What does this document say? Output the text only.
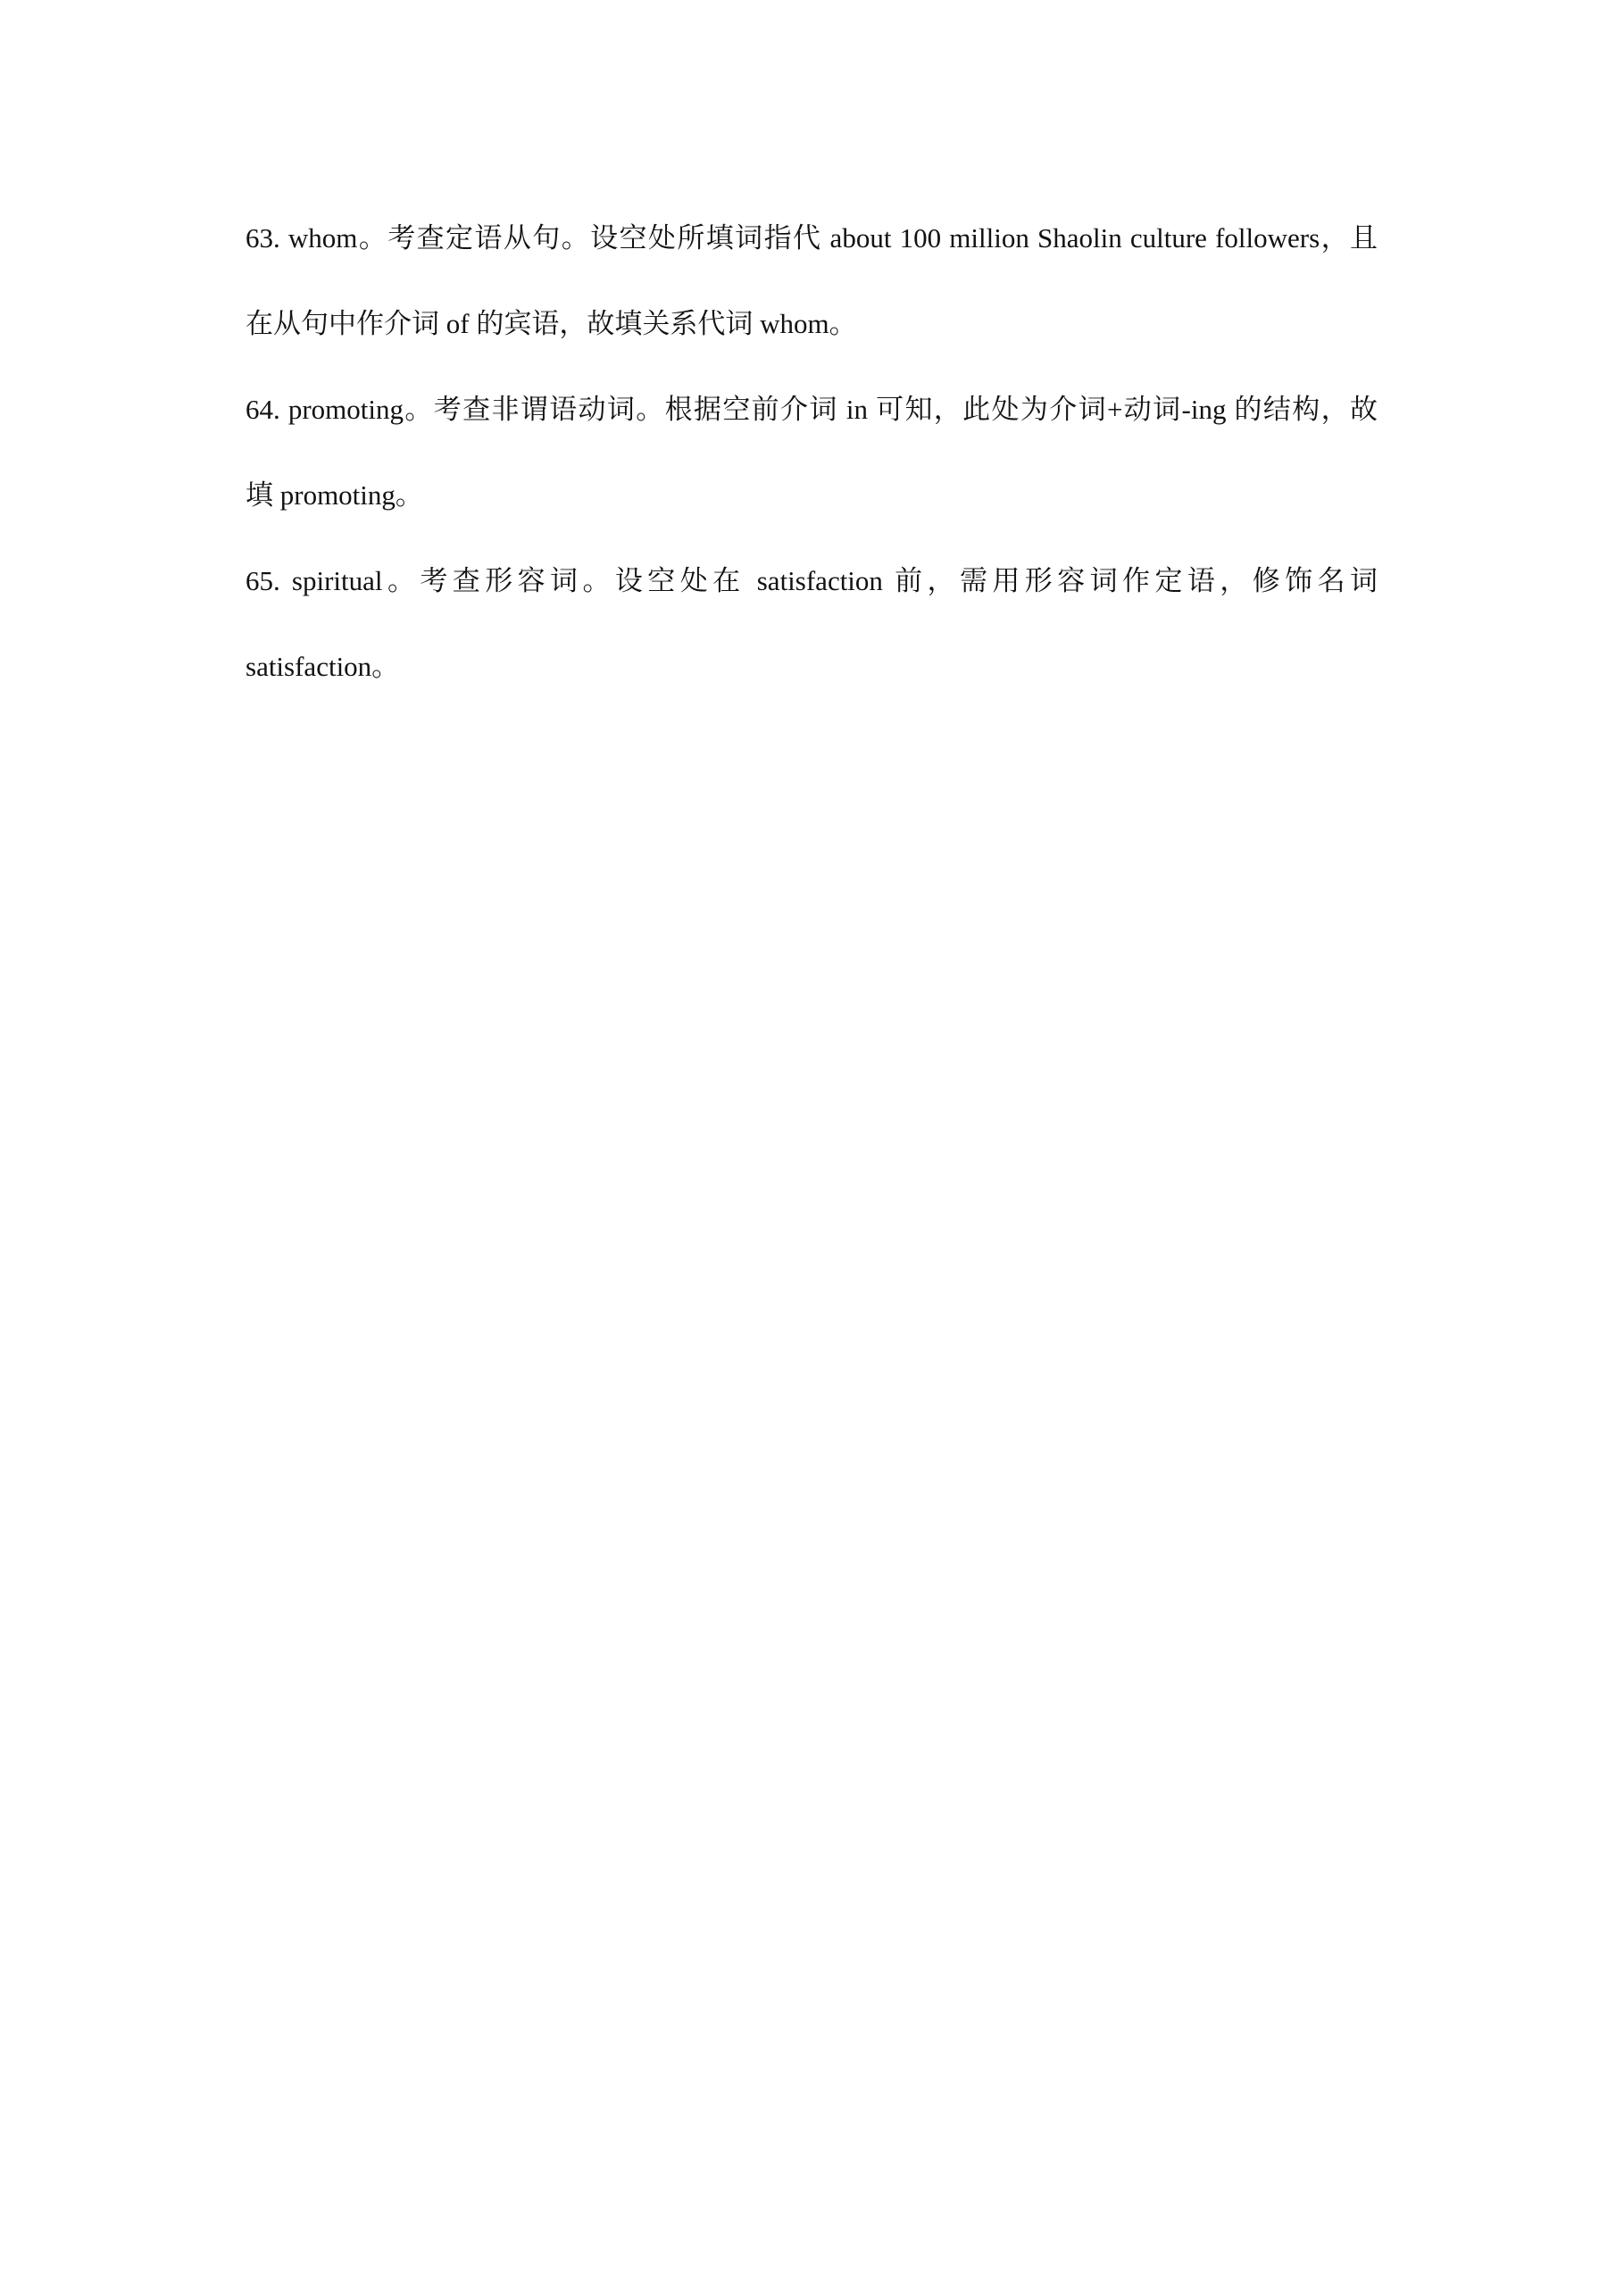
63. whom。考查定语从句。设空处所填词指代 about 100 million Shaolin culture followers，且
在从句中作介词 of 的宾语，故填关系代词 whom。
64. promoting。考查非谓语动词。根据空前介词 in 可知，此处为介词+动词-ing 的结构，故
填 promoting。
65. spiritual。考查形容词。设空处在 satisfaction 前，需用形容词作定语，修饰名词
satisfaction。
